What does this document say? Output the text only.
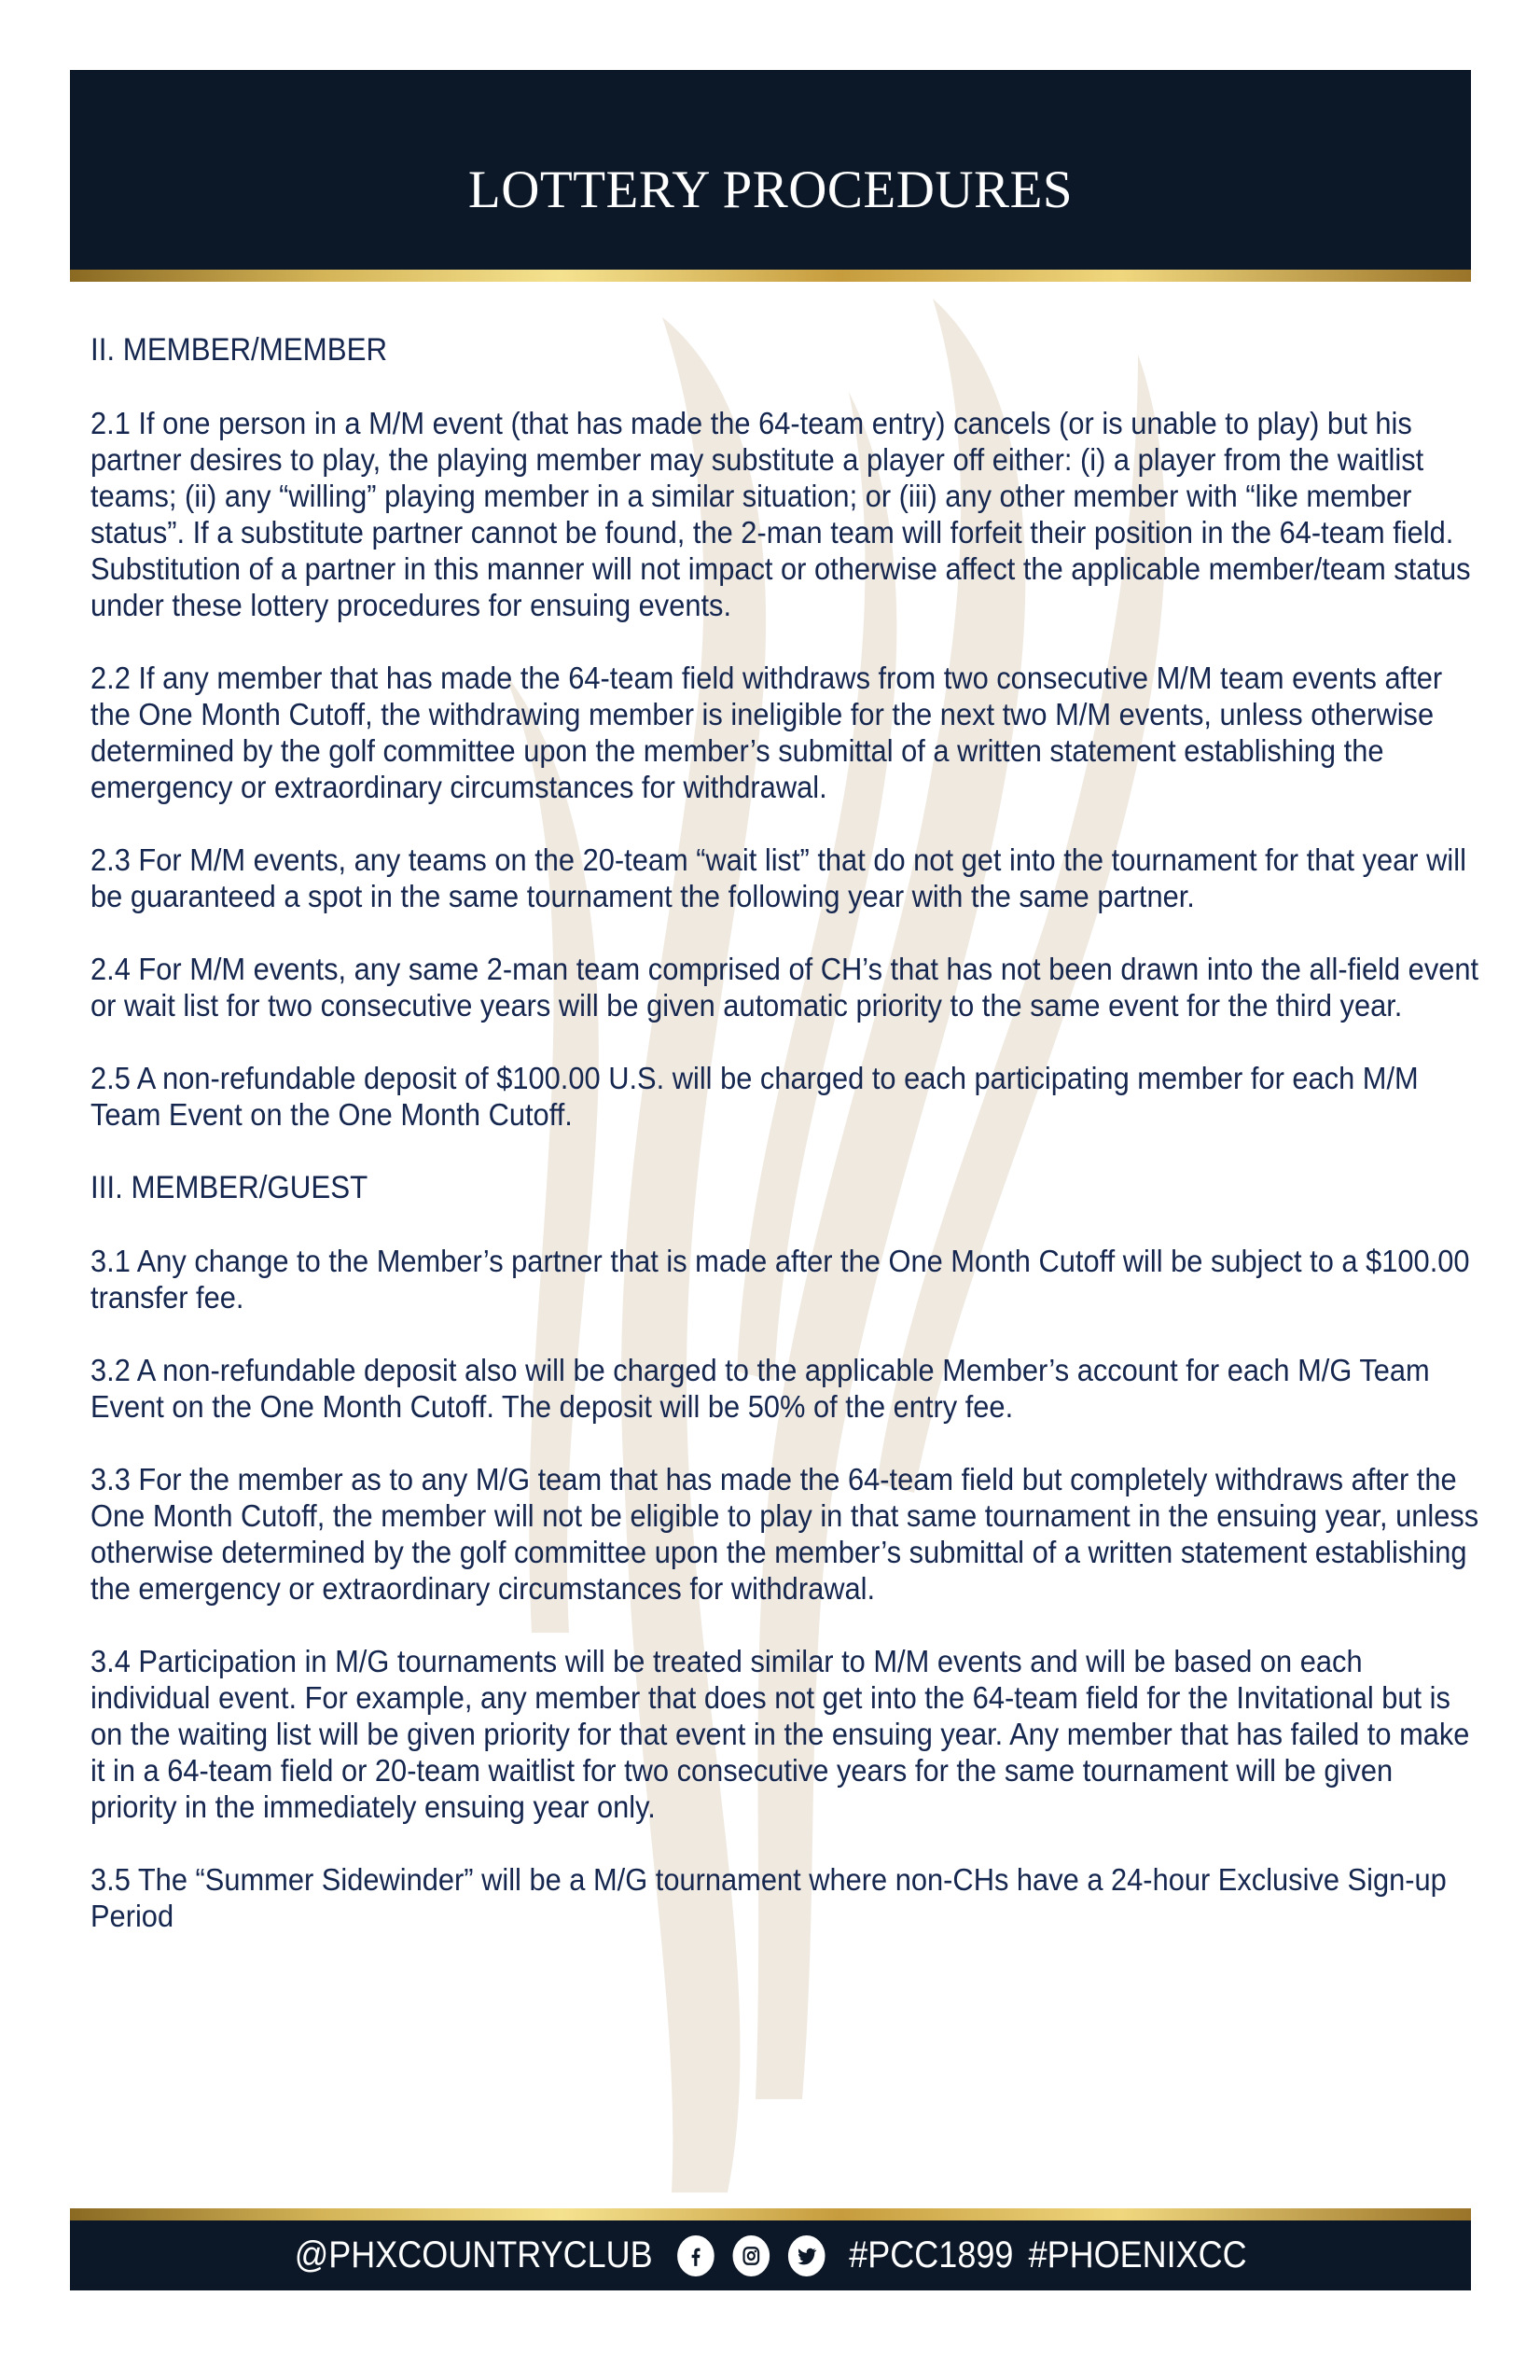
LOTTERY PROCEDURES
II. MEMBER/MEMBER

2.1 If one person in a M/M event (that has made the 64-team entry) cancels (or is unable to play) but his partner desires to play, the playing member may substitute a player off either: (i) a player from the waitlist teams; (ii) any “willing” playing member in a similar situation; or (iii) any other member with “like member status”. If a substitute partner cannot be found, the 2-man team will forfeit their position in the 64-team field. Substitution of a partner in this manner will not impact or otherwise affect the applicable member/team status under these lottery procedures for ensuing events.

2.2 If any member that has made the 64-team field withdraws from two consecutive M/M team events after the One Month Cutoff, the withdrawing member is ineligible for the next two M/M events, unless otherwise determined by the golf committee upon the member’s submittal of a written statement establishing the emergency or extraordinary circumstances for withdrawal.

2.3 For M/M events, any teams on the 20-team “wait list” that do not get into the tournament for that year will be guaranteed a spot in the same tournament the following year with the same partner.

2.4 For M/M events, any same 2-man team comprised of CH’s that has not been drawn into the all-field event or wait list for two consecutive years will be given automatic priority to the same event for the third year.

2.5 A non-refundable deposit of $100.00 U.S. will be charged to each participating member for each M/M Team Event on the One Month Cutoff.

III. MEMBER/GUEST

3.1 Any change to the Member’s partner that is made after the One Month Cutoff will be subject to a $100.00 transfer fee.

3.2 A non-refundable deposit also will be charged to the applicable Member’s account for each M/G Team Event on the One Month Cutoff. The deposit will be 50% of the entry fee.

3.3 For the member as to any M/G team that has made the 64-team field but completely withdraws after the One Month Cutoff, the member will not be eligible to play in that same tournament in the ensuing year, unless otherwise determined by the golf committee upon the member’s submittal of a written statement establishing the emergency or extraordinary circumstances for withdrawal.

3.4 Participation in M/G tournaments will be treated similar to M/M events and will be based on each individual event. For example, any member that does not get into the 64-team field for the Invitational but is on the waiting list will be given priority for that event in the ensuing year. Any member that has failed to make it in a 64-team field or 20-team waitlist for two consecutive years for the same tournament will be given priority in the immediately ensuing year only.

3.5 The “Summer Sidewinder” will be a M/G tournament where non-CHs have a 24-hour Exclusive Sign-up Period

@PHXCOUNTRYCLUB	#PCC1899 #PHOENIXCC
